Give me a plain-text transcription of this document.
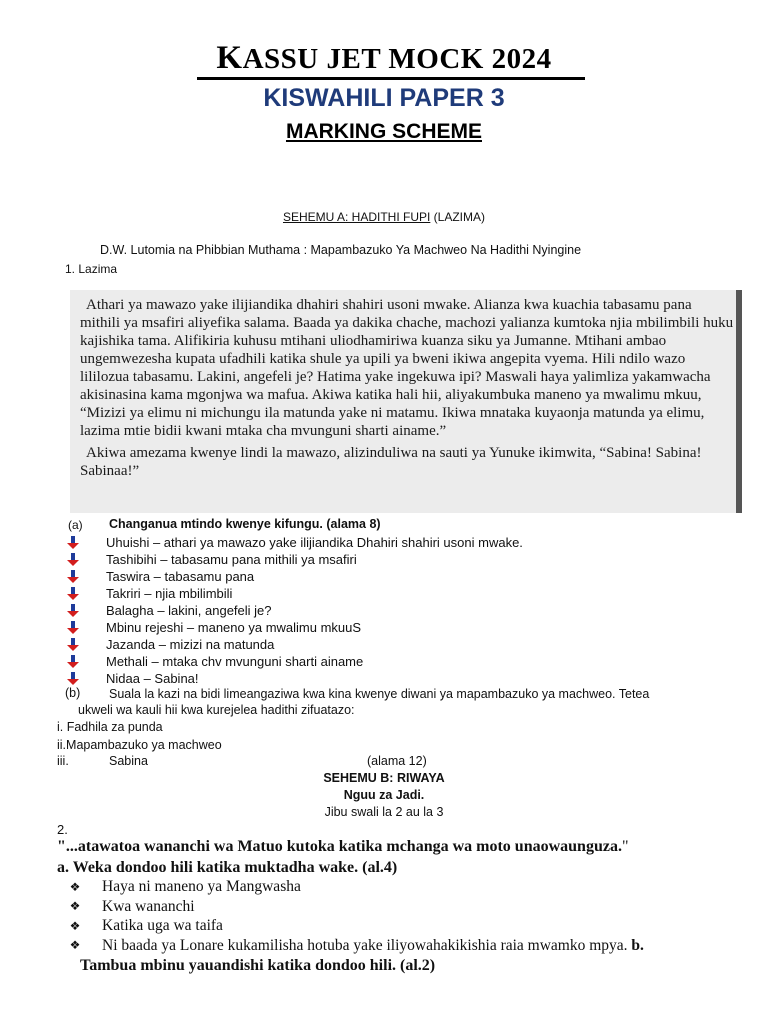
KASSU JET MOCK 2024
KISWAHILI PAPER 3
MARKING SCHEME
SEHEMU A: HADITHI FUPI (LAZIMA)
D.W. Lutomia na Phibbian Muthama : Mapambazuko Ya Machweo Na Hadithi Nyingine
1. Lazima

Athari ya mawazo yake ilijiandika dhahiri shahiri usoni mwake. Alianza kwa kuachia tabasamu pana mithili ya msafiri aliyefika salama. Baada ya dakika chache, machozi yalianza kumtoka njia mbilimbili huku kajishika tama. Alifikiria kuhusu mtihani uliodhamiriwa kuanza siku ya Jumanne. Mtihani ambao ungemwezesha kupata ufadhili katika shule ya upili ya bweni ikiwa angepita vyema. Hili ndilo wazo lililozua tabasamu. Lakini, angefeli je? Hatima yake ingekuwa ipi? Maswali haya yalimliza yakamwacha akisinasina kama mgonjwa wa mafua. Akiwa katika hali hii, aliyakumbuka maneno ya mwalimu mkuu, “Mizizi ya elimu ni michungu ila matunda yake ni matamu. Ikiwa mnataka kuyaonja matunda ya elimu, lazima mtie bidii kwani mtaka cha mvunguni sharti ainame.”

Akiwa amezama kwenye lindi la mawazo, alizinduliwa na sauti ya Yunuke ikimwita, “Sabina! Sabina! Sabinaa!”

(a) Changanua mtindo kwenye kifungu. (alama 8)
Uhuishi – athari ya mawazo yake ilijiandika Dhahiri shahiri usoni mwake.
Tashibihi – tabasamu pana mithili ya msafiri
Taswira – tabasamu pana
Takriri – njia mbilimbili
Balagha – lakini, angefeli je?
Mbinu rejeshi – maneno ya mwalimu mkuuS
Jazanda – mizizi na matunda
Methali – mtaka chv mvunguni sharti ainame
Nidaa – Sabina!
(b) Suala la kazi na bidi limeangaziwa kwa kina kwenye diwani ya mapambazuko ya machweo. Tetea
ukweli wa kauli hii kwa kurejelea hadithi zifuatazo:
i. Fadhila za punda
ii.Mapambazuko ya machweo
iii.	Sabina	(alama 12)
SEHEMU B: RIWAYA
Nguu za Jadi.
Jibu swali la 2 au la 3
2.
"...atawatoa wananchi wa Matuo kutoka katika mchanga wa moto unaowaunguza."
a. Weka dondoo hili katika muktadha wake. (al.4)
❖ Haya ni maneno ya Mangwasha
❖ Kwa wananchi
❖ Katika uga wa taifa
❖ Ni baada ya Lonare kukamilisha hotuba yake iliyowahakikishia raia mwamko mpya.
b.
Tambua mbinu yauandishi katika dondoo hili. (al.2)
